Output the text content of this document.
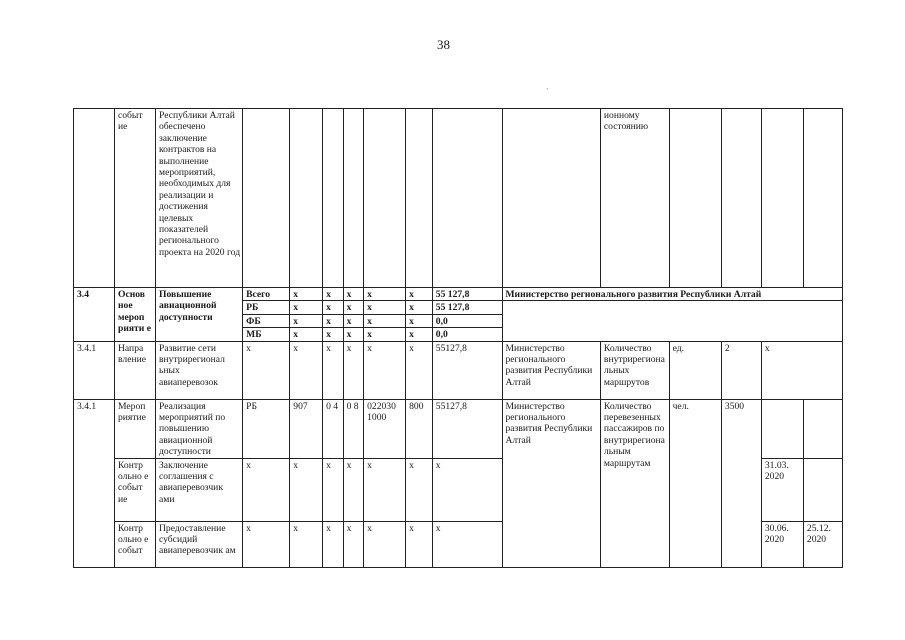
38
`
	событ ие	Республики Алтай обеспечено заключение контрактов на выполнение мероприятий, необходимых для реализации и достижения целевых показателей регионального проекта на 2020 год									ионному состоянию				
3.4	Основ ное мероп рияти е	Повышение авиационной доступности	Всего	х	х	х	х	х	55 127,8	Министерство регионального развития Республики Алтай					
			РБ	х	х	х	х	х	55 127,8						
			ФБ	х	х	х	х	х	0,0						
			МБ	х	х	х	х	х	0,0						
3.4.1	Напра вление	Развитие сети внутрирегионал ьных авиаперевозок	х	х	х	х	х	х	55127,8	Министерство регионального развития Республики Алтай	Количество внутрирегиональных маршрутов	ед.	2	х	
3.4.1	Мероп риятие	Реализация мероприятий по повышению авиационной доступности	РБ	907	0 4	0 8	022030 1000	800	55127,8	Министерство регионального развития Республики Алтай	Количество перевезенных пассажиров по внутрирегиональным маршрутам	чел.	3500		
	Контр ольно е событ ие	Заключение соглашения с авиаперевозчик ами	х	х	х	х	х	х	х					31.03. 2020	
	Контр ольно е событ	Предоставление субсидий авиаперевозчик ам	х	х	х	х	х	х	х					30.06. 2020	25.12. 2020
